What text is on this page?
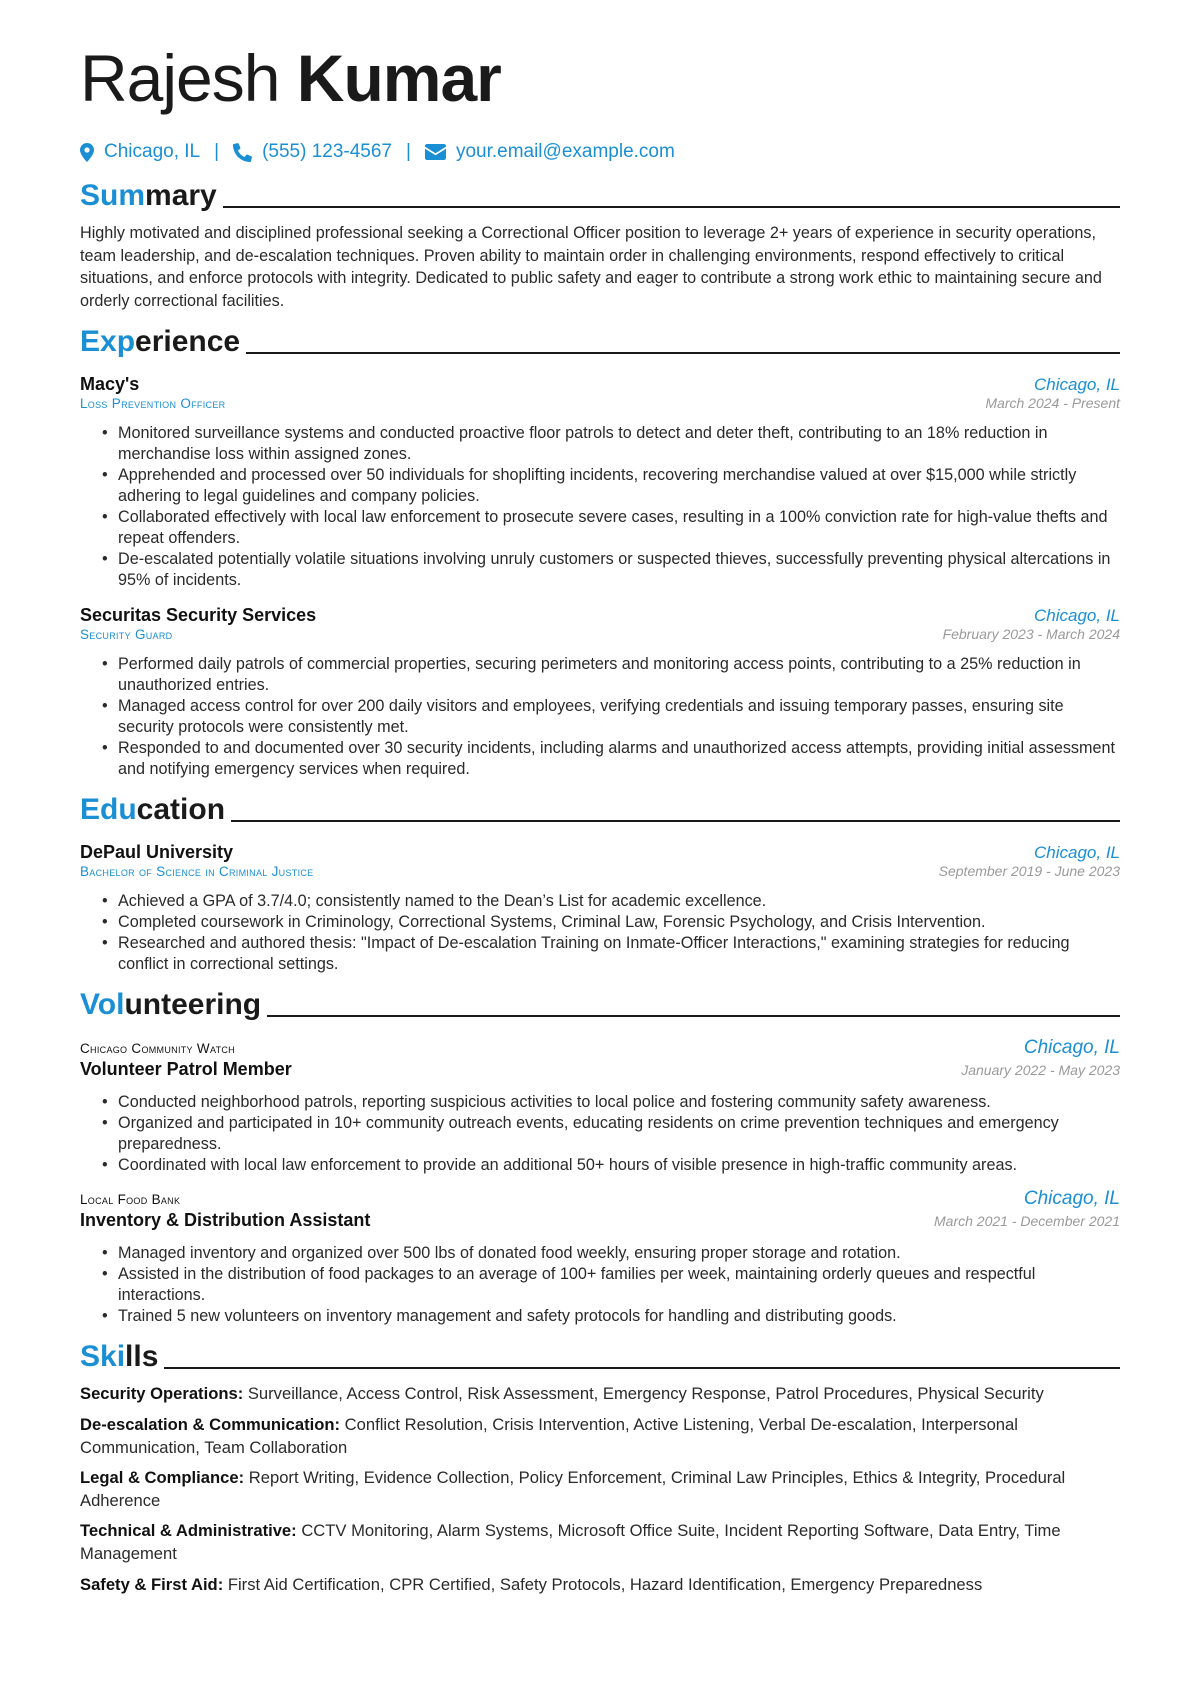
Rajesh Kumar
Chicago, IL | (555) 123-4567 | your.email@example.com
Summary

Highly motivated and disciplined professional seeking a Correctional Officer position to leverage 2+ years of experience in security operations, team leadership, and de-escalation techniques. Proven ability to maintain order in challenging environments, respond effectively to critical situations, and enforce protocols with integrity. Dedicated to public safety and eager to contribute a strong work ethic to maintaining secure and orderly correctional facilities.

Experience
Macy's	Chicago, IL
Loss Prevention Officer	March 2024 - Present
• Monitored surveillance systems and conducted proactive floor patrols to detect and deter theft, contributing to an 18% reduction in merchandise loss within assigned zones.
• Apprehended and processed over 50 individuals for shoplifting incidents, recovering merchandise valued at over $15,000 while strictly adhering to legal guidelines and company policies.
• Collaborated effectively with local law enforcement to prosecute severe cases, resulting in a 100% conviction rate for high-value thefts and repeat offenders.
• De-escalated potentially volatile situations involving unruly customers or suspected thieves, successfully preventing physical altercations in 95% of incidents.
Securitas Security Services	Chicago, IL
Security Guard	February 2023 - March 2024
• Performed daily patrols of commercial properties, securing perimeters and monitoring access points, contributing to a 25% reduction in unauthorized entries.
• Managed access control for over 200 daily visitors and employees, verifying credentials and issuing temporary passes, ensuring site security protocols were consistently met.
• Responded to and documented over 30 security incidents, including alarms and unauthorized access attempts, providing initial assessment and notifying emergency services when required.
Education
DePaul University	Chicago, IL
Bachelor of Science in Criminal Justice	September 2019 - June 2023
• Achieved a GPA of 3.7/4.0; consistently named to the Dean’s List for academic excellence.
• Completed coursework in Criminology, Correctional Systems, Criminal Law, Forensic Psychology, and Crisis Intervention.
• Researched and authored thesis: "Impact of De-escalation Training on Inmate-Officer Interactions," examining strategies for reducing conflict in correctional settings.
Volunteering
Chicago Community Watch	Chicago, IL
Volunteer Patrol Member	January 2022 - May 2023
• Conducted neighborhood patrols, reporting suspicious activities to local police and fostering community safety awareness.
• Organized and participated in 10+ community outreach events, educating residents on crime prevention techniques and emergency preparedness.
• Coordinated with local law enforcement to provide an additional 50+ hours of visible presence in high-traffic community areas.
Local Food Bank	Chicago, IL
Inventory & Distribution Assistant	March 2021 - December 2021
• Managed inventory and organized over 500 lbs of donated food weekly, ensuring proper storage and rotation.
• Assisted in the distribution of food packages to an average of 100+ families per week, maintaining orderly queues and respectful interactions.
• Trained 5 new volunteers on inventory management and safety protocols for handling and distributing goods.
Skills
Security Operations: Surveillance, Access Control, Risk Assessment, Emergency Response, Patrol Procedures, Physical Security
De-escalation & Communication: Conflict Resolution, Crisis Intervention, Active Listening, Verbal De-escalation, Interpersonal Communication, Team Collaboration
Legal & Compliance: Report Writing, Evidence Collection, Policy Enforcement, Criminal Law Principles, Ethics & Integrity, Procedural Adherence
Technical & Administrative: CCTV Monitoring, Alarm Systems, Microsoft Office Suite, Incident Reporting Software, Data Entry, Time Management
Safety & First Aid: First Aid Certification, CPR Certified, Safety Protocols, Hazard Identification, Emergency Preparedness
